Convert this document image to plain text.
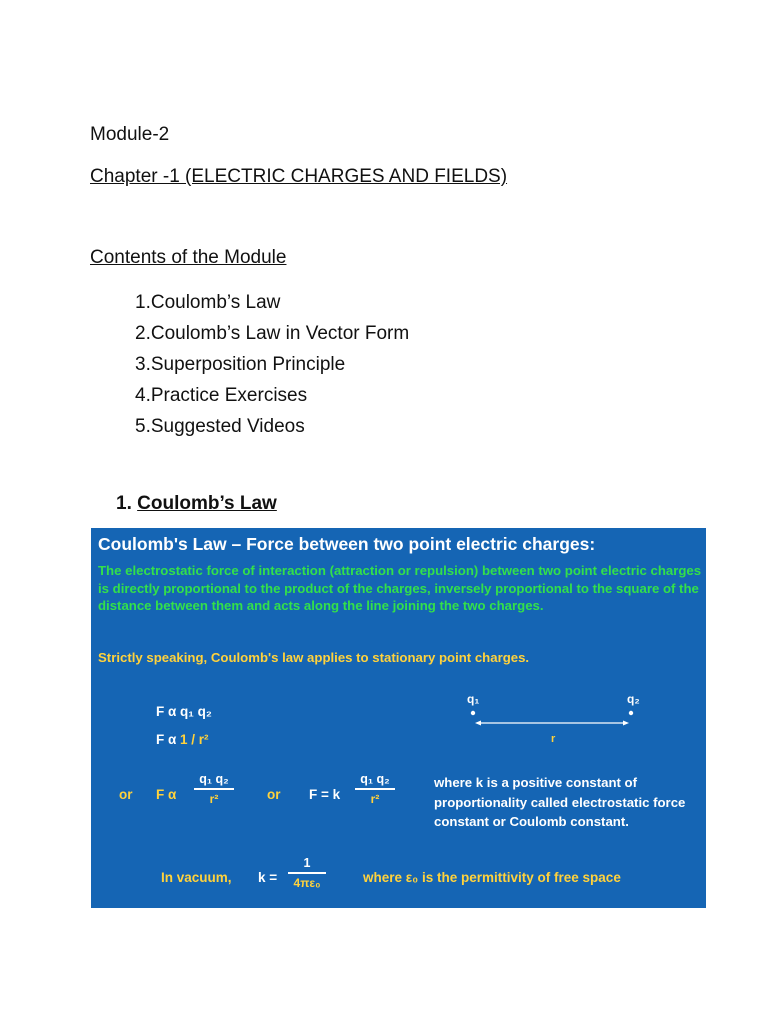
Module-2
Chapter -1 (ELECTRIC CHARGES AND FIELDS)
Contents of the Module
1.Coulomb’s Law
2.Coulomb’s Law in Vector Form
3.Superposition Principle
4.Practice Exercises
5.Suggested Videos
1. Coulomb’s Law
Coulomb's Law – Force between two point electric charges:
The electrostatic force of interaction (attraction or repulsion) between two point electric charges is directly proportional to the product of the charges, inversely proportional to the square of the distance between them and acts along the line joining the two charges.
Strictly speaking, Coulomb's law applies to stationary point charges.
F α q₁ q₂
F α 1 / r²
q₁	q₂
r
or F α
q₁ q₂
r²	or F = k
q₁ q₂
r²
where k is a positive constant of proportionality called electrostatic force constant or Coulomb constant.
In vacuum, k =
1
4πε₀	where ε₀ is the permittivity of free space
